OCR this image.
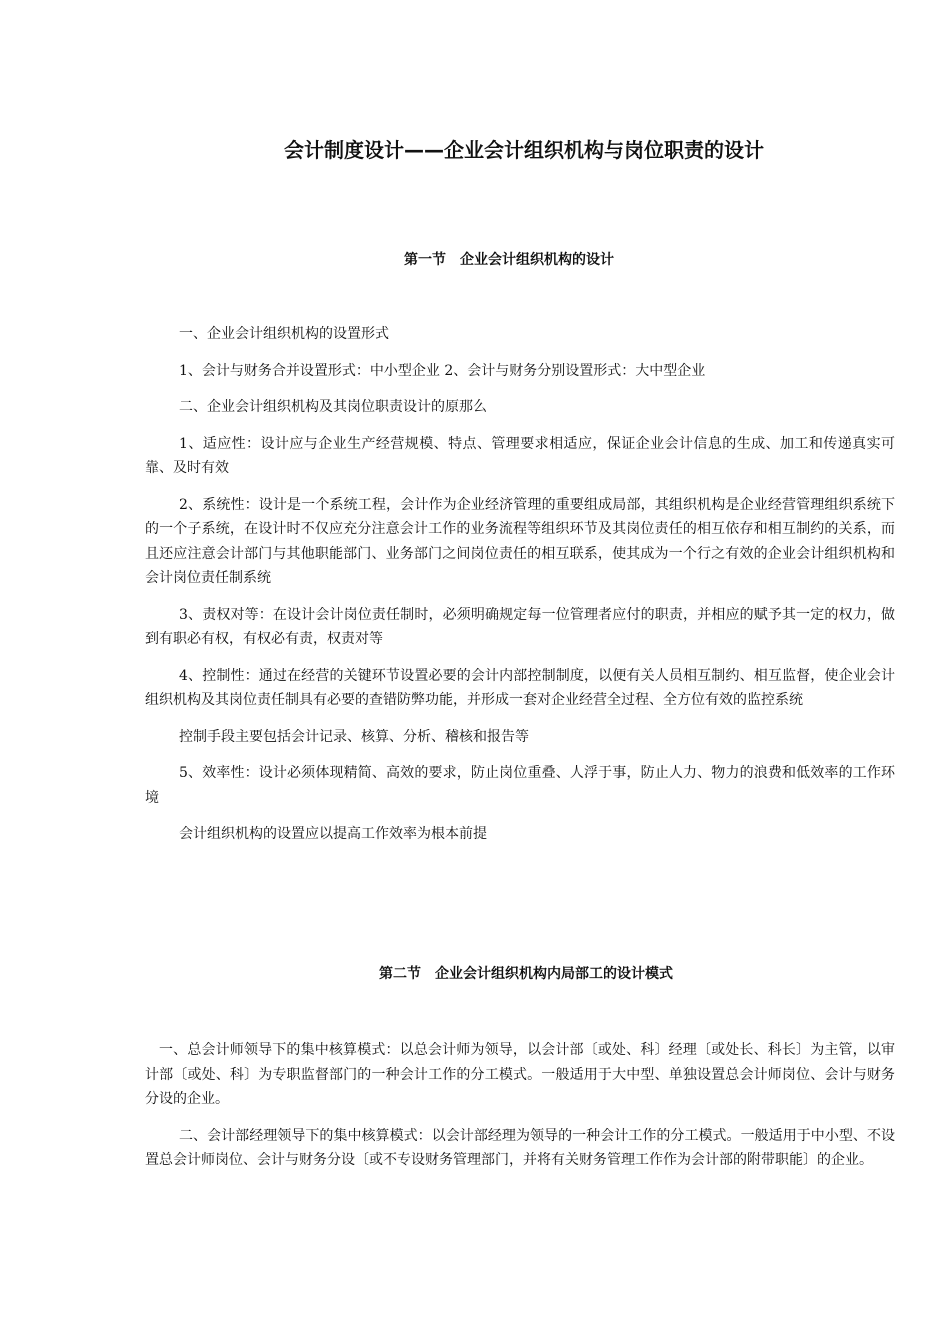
会计制度设计——企业会计组织机构与岗位职责的设计
第一节　企业会计组织机构的设计

一、企业会计组织机构的设置形式

1、会计与财务合并设置形式：中小型企业 2、会计与财务分别设置形式：大中型企业

二、企业会计组织机构及其岗位职责设计的原那么

1、适应性：设计应与企业生产经营规模、特点、管理要求相适应，保证企业会计信息的生成、加工和传递真实可靠、及时有效

2、系统性：设计是一个系统工程，会计作为企业经济管理的重要组成局部，其组织机构是企业经营管理组织系统下的一个子系统，在设计时不仅应充分注意会计工作的业务流程等组织环节及其岗位责任的相互依存和相互制约的关系，而且还应注意会计部门与其他职能部门、业务部门之间岗位责任的相互联系，使其成为一个行之有效的企业会计组织机构和会计岗位责任制系统

3、责权对等：在设计会计岗位责任制时，必须明确规定每一位管理者应付的职责，并相应的赋予其一定的权力，做到有职必有权，有权必有责，权责对等

4、控制性：通过在经营的关键环节设置必要的会计内部控制制度，以便有关人员相互制约、相互监督，使企业会计组织机构及其岗位责任制具有必要的查错防弊功能，并形成一套对企业经营全过程、全方位有效的监控系统

控制手段主要包括会计记录、核算、分析、稽核和报告等

5、效率性：设计必须体现精简、高效的要求，防止岗位重叠、人浮于事，防止人力、物力的浪费和低效率的工作环境

会计组织机构的设置应以提高工作效率为根本前提

第二节　企业会计组织机构内局部工的设计模式

一、总会计师领导下的集中核算模式：以总会计师为领导，以会计部〔或处、科〕经理〔或处长、科长〕为主管，以审计部〔或处、科〕为专职监督部门的一种会计工作的分工模式。一般适用于大中型、单独设置总会计师岗位、会计与财务分设的企业。

二、会计部经理领导下的集中核算模式：以会计部经理为领导的一种会计工作的分工模式。一般适用于中小型、不设置总会计师岗位、会计与财务分设〔或不专设财务管理部门，并将有关财务管理工作作为会计部的附带职能〕的企业。
